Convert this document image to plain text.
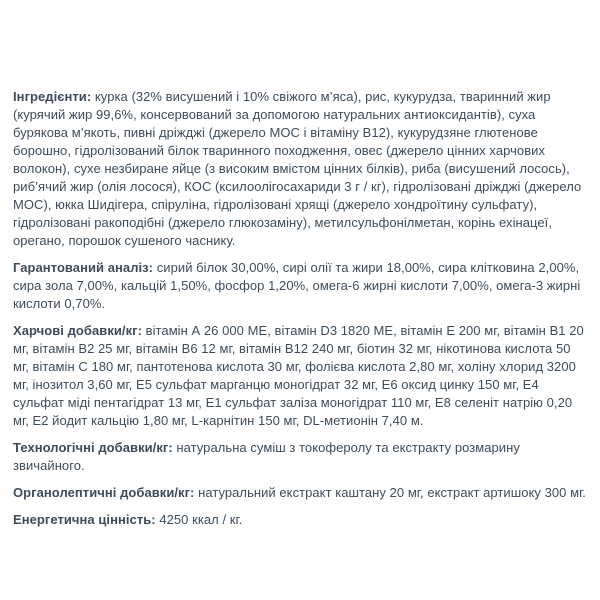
Інгредієнти: курка (32% висушений і 10% свіжого м’яса), рис, кукурудза, тваринний жир (курячий жир 99,6%, консервований за допомогою натуральних антиоксидантів), суха бурякова м’якоть, пивні дріжджі (джерело МОС і вітаміну В12), кукурудзяне глютенове борошно, гідролізований білок тваринного походження, овес (джерело цінних харчових волокон), сухе незбиране яйце (з високим вмістом цінних білків), риба (висушений лосось), риб’ячий жир (олія лосося), КОС (ксилоолігосахариди 3 г / кг), гідролізовані дріжджі (джерело МОС), юкка Шидігера, спіруліна, гідролізовані хрящі (джерело хондроїтину сульфату), гідролізовані ракоподібні (джерело глюкозаміну), метилсульфонілметан, корінь ехінацеї, орегано, порошок сушеного часнику.

Гарантований аналіз: сирий білок 30,00%, сирі олії та жири 18,00%, сира клітковина 2,00%, сира зола 7,00%, кальцій 1,50%, фосфор 1,20%, омега-6 жирні кислоти 7,00%, омега-3 жирні кислоти 0,70%.

Харчові добавки/кг: вітамін А 26 000 МЕ, вітамін D3 1820 МЕ, вітамін Е 200 мг, вітамін В1 20 мг, вітамін В2 25 мг, вітамін В6 12 мг, вітамін В12 240 мг, біотин 32 мг, нікотинова кислота 50 мг, вітамін С 180 мг, пантотенова кислота 30 мг, фолієва кислота 2,80 мг, холіну хлорид 3200 мг, інозитол 3,60 мг, Е5 сульфат марганцю моногідрат 32 мг, Е6 оксид цинку 150 мг, Е4 сульфат міді пентагідрат 13 мг, Е1 сульфат заліза моногідрат 110 мг, Е8 селеніт натрію 0,20 мг, Е2 йодит кальцію 1,80 мг, L-карнітин 150 мг, DL-метионін 7,40 м.

Технологічні добавки/кг: натуральна суміш з токоферолу та екстракту розмарину звичайного.

Органолептичні добавки/кг: натуральний екстракт каштану 20 мг, екстракт артишоку 300 мг.

Енергетична цінність: 4250 ккал / кг.
